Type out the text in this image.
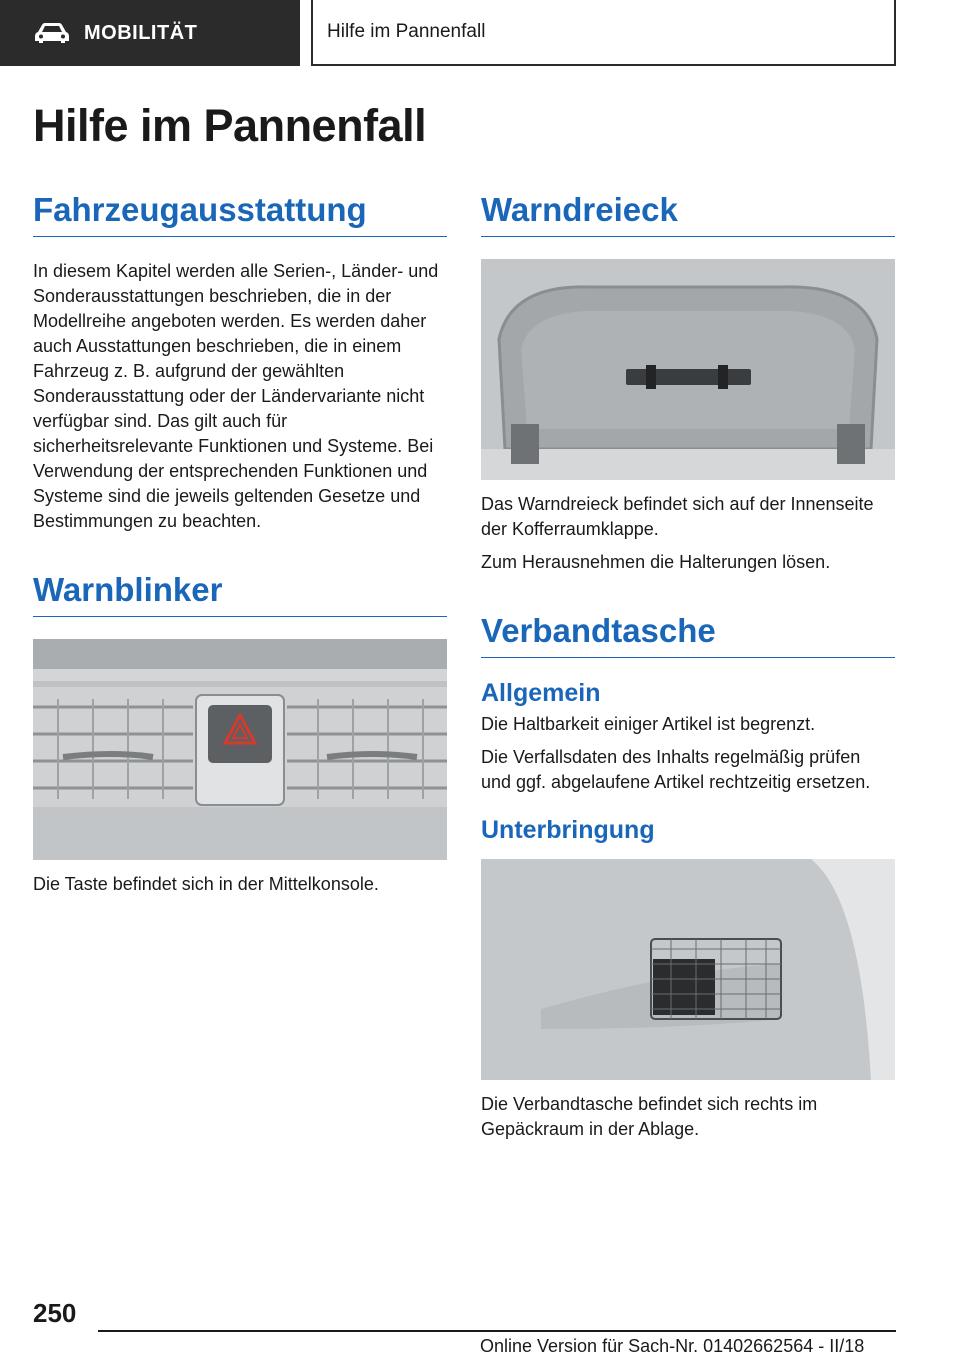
MOBILITÄT	Hilfe im Pannenfall
Hilfe im Pannenfall
Fahrzeugausstattung

In diesem Kapitel werden alle Serien-, Länder- und Sonderausstattungen beschrieben, die in der Modellreihe angeboten werden. Es werden daher auch Ausstattungen beschrieben, die in einem Fahrzeug z. B. aufgrund der gewählten Sonderausstattung oder der Ländervariante nicht verfügbar sind. Das gilt auch für sicherheitsrelevante Funktionen und Systeme. Bei Verwendung der entsprechenden Funktionen und Systeme sind die jeweils geltenden Gesetze und Bestimmungen zu beachten.

Warnblinker

Die Taste befindet sich in der Mittelkonsole.

Warndreieck

Das Warndreieck befindet sich auf der Innenseite der Kofferraumklappe.

Zum Herausnehmen die Halterungen lösen.

Verbandtasche
Allgemein

Die Haltbarkeit einiger Artikel ist begrenzt.

Die Verfallsdaten des Inhalts regelmäßig prüfen und ggf. abgelaufene Artikel rechtzeitig ersetzen.

Unterbringung

Die Verbandtasche befindet sich rechts im Gepäckraum in der Ablage.

250
Online Version für Sach-Nr. 01402662564 - II/18
